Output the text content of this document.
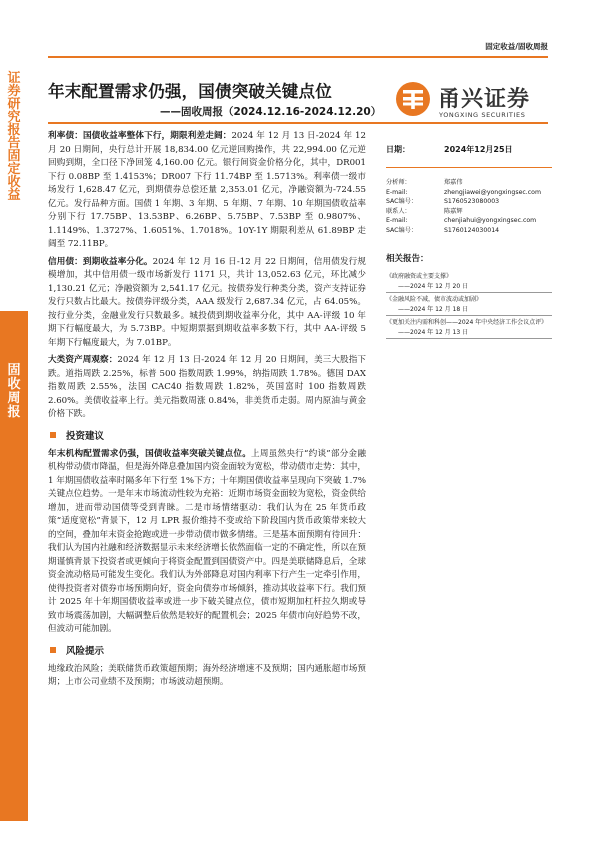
固定收益/固收周报
证券研究报告 固定收益
固收周报
年末配置需求仍强，国债突破关键点位
——固收周报（2024.12.16-2024.12.20）	甬兴证券
YONGXING SECURITIES

利率债：国债收益率整体下行，期限利差走阔：2024 年 12 月 13 日-2024 年 12 月 20 日期间，央行总计开展 18,834.00 亿元逆回购操作，共 22,994.00 亿元逆回购到期，全口径下净回笼 4,160.00 亿元。银行间资金价格分化，其中，DR001 下行 0.08BP 至 1.4153%；DR007 下行 11.74BP 至 1.5713%。利率债一级市场发行 1,628.47 亿元，到期债券总偿还量 2,353.01 亿元，净融资额为-724.55 亿元。发行品种方面。国债 1 年期、3 年期、5 年期、7 年期、10 年期国债收益率分别下行 17.75BP、13.53BP、6.26BP、5.75BP、7.53BP 至 0.9807%、1.1149%、1.3727%、1.6051%、1.7018%。10Y-1Y 期限利差从 61.89BP 走阔至 72.11BP。

信用债：到期收益率分化。2024 年 12 月 16 日-12 月 22 日期间，信用债发行规模增加，其中信用债一级市场新发行 1171 只，共计 13,052.63 亿元，环比减少 1,130.21 亿元；净融资额为 2,541.17 亿元。按债券发行种类分类，资产支持证券发行只数占比最大。按债券评级分类，AAA 级发行 2,687.34 亿元，占 64.05%。按行业分类，金融业发行只数最多。城投债到期收益率分化，其中 AA-评级 10 年期下行幅度最大，为 5.73BP。中短期票据到期收益率多数下行，其中 AA-评级 5 年期下行幅度最大，为 7.01BP。

大类资产周观察：2024 年 12 月 13 日-2024 年 12 月 20 日期间，美三大股指下跌。道指周跌 2.25%，标普 500 指数周跌 1.99%，纳指周跌 1.78%。德国 DAX 指数周跌 2.55%，法国 CAC40 指数周跌 1.82%，英国富时 100 指数周跌 2.60%。美债收益率上行。美元指数周涨 0.84%，非美货币走弱。周内原油与黄金价格下跌。

投资建议

年末机构配置需求仍强，国债收益率突破关键点位。上周虽然央行“约谈”部分金融机构带动债市降温，但是海外降息叠加国内资金面较为宽松，带动债市走势：其中，1 年期国债收益率时隔多年下行至 1%下方；十年期国债收益率呈现向下突破 1.7%关键点位趋势。一是年末市场流动性较为充裕：近期市场资金面较为宽松，资金供给增加，进而带动国债等受到青睐。二是市场情绪驱动：我们认为在 25 年货币政策“适度宽松”背景下，12 月 LPR 报价维持不变或给下阶段国内货币政策带来较大的空间，叠加年末资金抢跑或进一步带动债市做多情绪。三是基本面预期有待回升：我们认为国内社融和经济数据显示未来经济增长依然面临一定的不确定性，所以在预期谨慎背景下投资者或更倾向于将资金配置到国债资产中。四是美联储降息后，全球资金流动格局可能发生变化。我们认为外部降息对国内利率下行产生一定牵引作用，使得投资者对债券市场预期向好，资金向债券市场倾斜，推动其收益率下行。我们预计 2025 年十年期国债收益率或进一步下破关键点位，债市短期加杠杆拉久期或导致市场震荡加剧，大幅调整后依然是较好的配置机会；2025 年债市向好趋势不改，但波动可能加剧。

风险提示

地缘政治风险；美联储货币政策超预期；海外经济增速不及预期；国内通胀超市场预期；上市公司业绩不及预期；市场波动超预期。

日期：	2024年12月25日
分析师：	郑嘉伟
E-mail:	zhengjiawei@yongxingsec.com
SAC编号：	S1760523080003
联系人：	陈嘉辉
E-mail:	chenjiahui@yongxingsec.com
SAC编号：	S1760124030014
相关报告：
《政府融资或主要支撑》
——2024 年 12 月 20 日
《金融风险不减，债市波动或加剧》
——2024 年 12 月 18 日
《更加关注内需和科创——2024 年中央经济工作会议点评》
——2024 年 12 月 13 日
